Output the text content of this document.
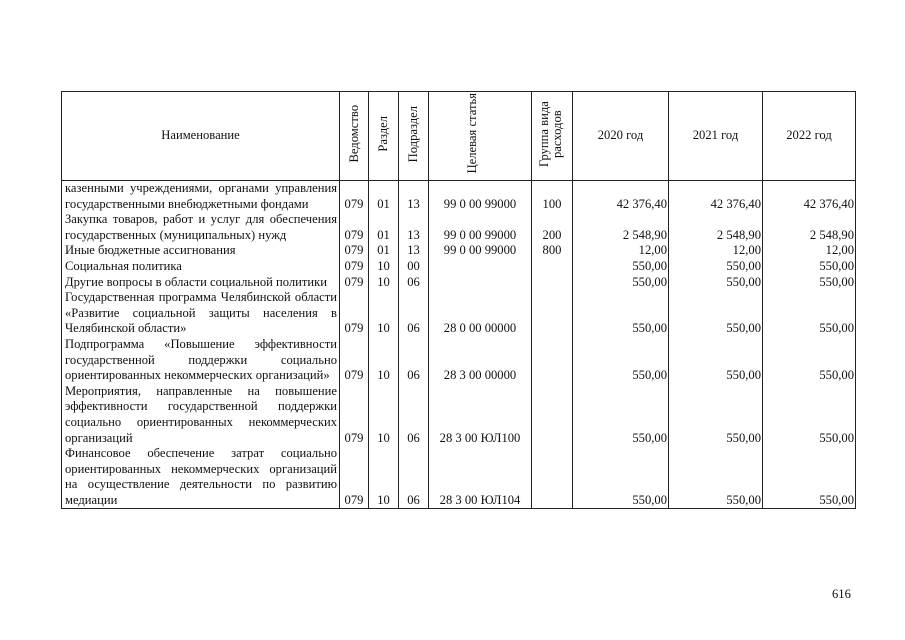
Наименование	Ведомство	Раздел	Подраздел	Целевая статья	Группа вида расходов	2020 год	2021 год	2022 год
казенными учреждениями, органами управления государственными внебюджетными фондами	079	01	13	99 0 00 99000	100	42 376,40	42 376,40	42 376,40
Закупка товаров, работ и услуг для обеспечения государственных (муниципальных) нужд	079	01	13	99 0 00 99000	200	2 548,90	2 548,90	2 548,90
Иные бюджетные ассигнования	079	01	13	99 0 00 99000	800	12,00	12,00	12,00
Социальная политика	079	10	00			550,00	550,00	550,00
Другие вопросы в области социальной политики	079	10	06			550,00	550,00	550,00
Государственная программа Челябинской области «Развитие социальной защиты населения в Челябинской области»	079	10	06	28 0 00 00000		550,00	550,00	550,00
Подпрограмма «Повышение эффективности государственной поддержки социально ориентированных некоммерческих организаций»	079	10	06	28 3 00 00000		550,00	550,00	550,00
Мероприятия, направленные на повышение эффективности государственной поддержки социально ориентированных некоммерческих организаций	079	10	06	28 3 00 ЮЛ100		550,00	550,00	550,00
Финансовое обеспечение затрат социально ориентированных некоммерческих организаций на осуществление деятельности по развитию медиации	079	10	06	28 3 00 ЮЛ104		550,00	550,00	550,00
616
